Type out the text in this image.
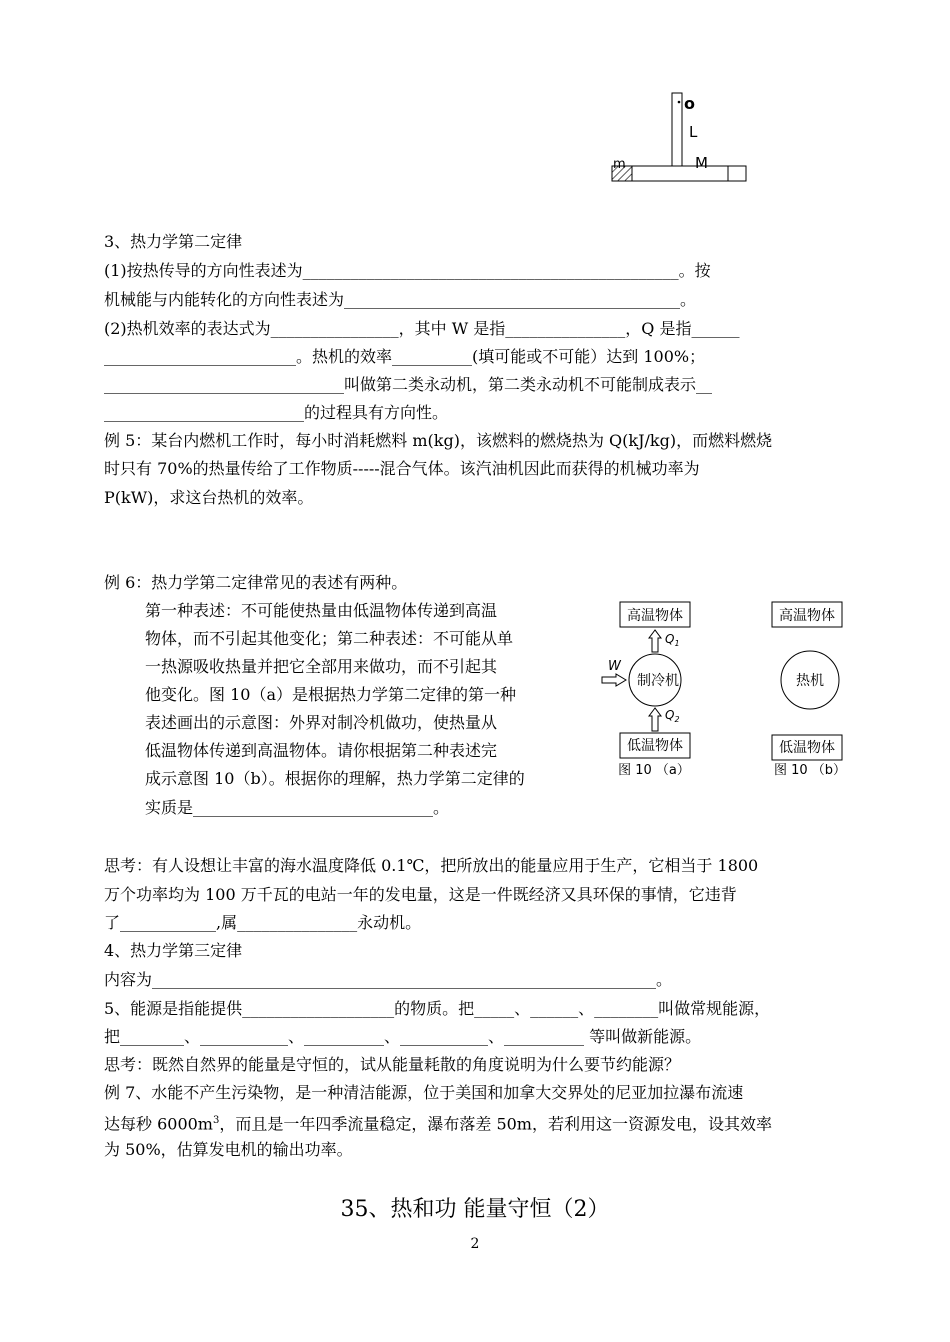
o
L
M
m
3、热力学第二定律
(1)按热传导的方向性表述为_______________________________________________。按
机械能与内能转化的方向性表述为__________________________________________。
(2)热机效率的表达式为________________，其中 W 是指_______________，Q 是指______
________________________。热机的效率__________(填可能或不可能）达到 100%；
______________________________叫做第二类永动机，第二类永动机不可能制成表示__
_________________________的过程具有方向性。
例 5：某台内燃机工作时，每小时消耗燃料 m(kg)，该燃料的燃烧热为 Q(kJ/kg)，而燃料燃烧
时只有 70%的热量传给了工作物质-----混合气体。该汽油机因此而获得的机械功率为
P(kW)，求这台热机的效率。
例 6：热力学第二定律常见的表述有两种。
第一种表述：不可能使热量由低温物体传递到高温
物体，而不引起其他变化；第二种表述：不可能从单
一热源吸收热量并把它全部用来做功，而不引起其
他变化。图 10（a）是根据热力学第二定律的第一种
表述画出的示意图：外界对制冷机做功，使热量从
低温物体传递到高温物体。请你根据第二种表述完
成示意图 10（b）。根据你的理解，热力学第二定律的
实质是______________________________。
高温物体
$Q_1$
制冷机
W
$Q_2$
低温物体
图 10 （a）
高温物体
热机
低温物体
图 10 （b）
思考：有人设想让丰富的海水温度降低 0.1℃，把所放出的能量应用于生产，它相当于 1800
万个功率均为 100 万千瓦的电站一年的发电量，这是一件既经济又具环保的事情，它违背
了____________,属_______________永动机。
4、热力学第三定律
内容为_______________________________________________________________。
5、能源是指能提供___________________的物质。把_____、______、________叫做常规能源，
把________、___________、__________、___________、__________ 等叫做新能源。
思考：既然自然界的能量是守恒的，试从能量耗散的角度说明为什么要节约能源？
例 7、水能不产生污染物，是一种清洁能源，位于美国和加拿大交界处的尼亚加拉瀑布流速
达每秒 $6000m^3$，而且是一年四季流量稳定，瀑布落差 50m，若利用这一资源发电，设其效率
为 50%，估算发电机的输出功率。
35、热和功 能量守恒（2）
2
